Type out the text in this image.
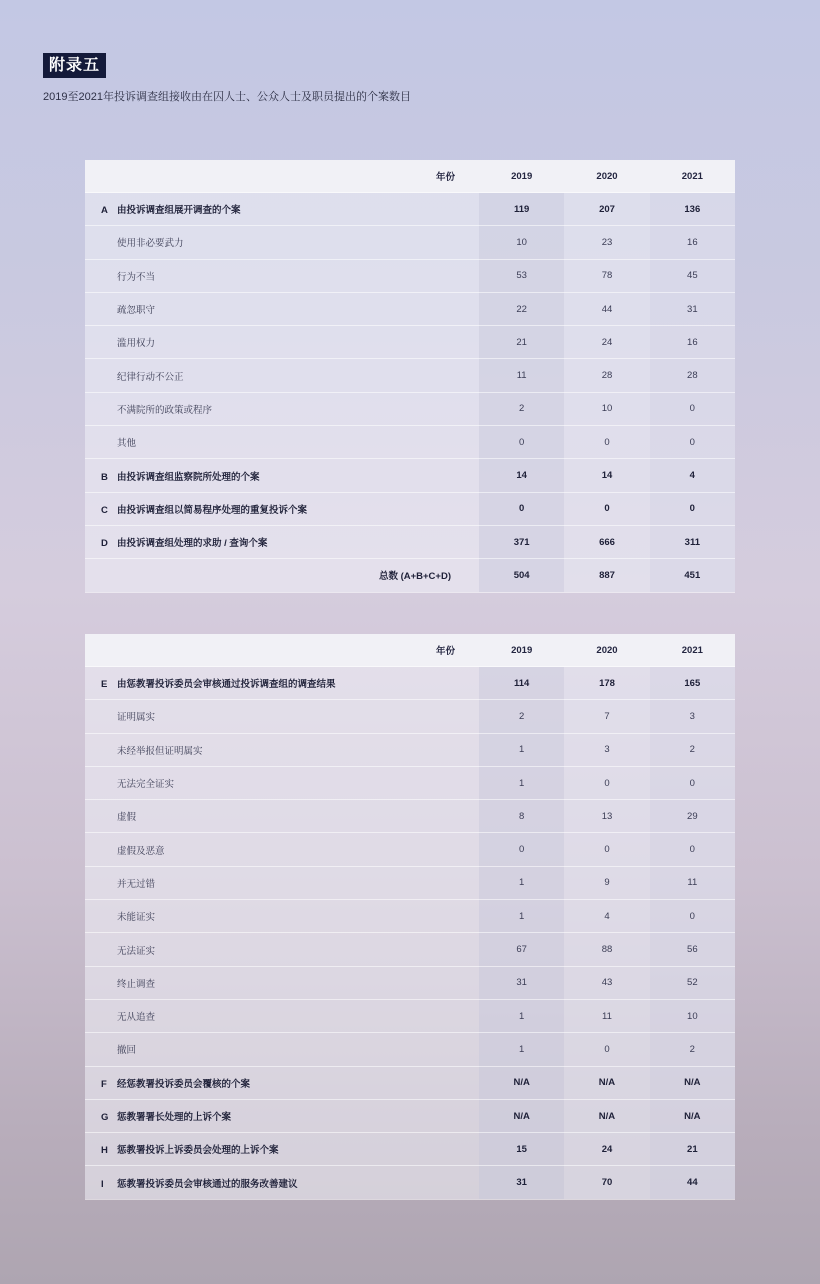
附录五
2019至2021年投诉调查组接收由在囚人士、公众人士及职员提出的个案数目
年份	2019	2020	2021
A 由投诉调查组展开调查的个案	119	207	136
使用非必要武力	10	23	16
行为不当	53	78	45
疏忽职守	22	44	31
滥用权力	21	24	16
纪律行动不公正	11	28	28
不满院所的政策或程序	2	10	0
其他	0	0	0
B 由投诉调查组监察院所处理的个案	14	14	4
C 由投诉调查组以简易程序处理的重复投诉个案	0	0	0
D 由投诉调查组处理的求助 / 查询个案	371	666	311
总数 (A+B+C+D)	504	887	451
年份	2019	2020	2021
E 由惩教署投诉委员会审核通过投诉调查组的调查结果	114	178	165
证明属实	2	7	3
未经举报但证明属实	1	3	2
无法完全证实	1	0	0
虚假	8	13	29
虚假及恶意	0	0	0
并无过错	1	9	11
未能证实	1	4	0
无法证实	67	88	56
终止调查	31	43	52
无从追查	1	11	10
撤回	1	0	2
F 经惩教署投诉委员会覆核的个案	N/A	N/A	N/A
G 惩教署署长处理的上诉个案	N/A	N/A	N/A
H 惩教署投诉上诉委员会处理的上诉个案	15	24	21
I 惩教署投诉委员会审核通过的服务改善建议	31	70	44
